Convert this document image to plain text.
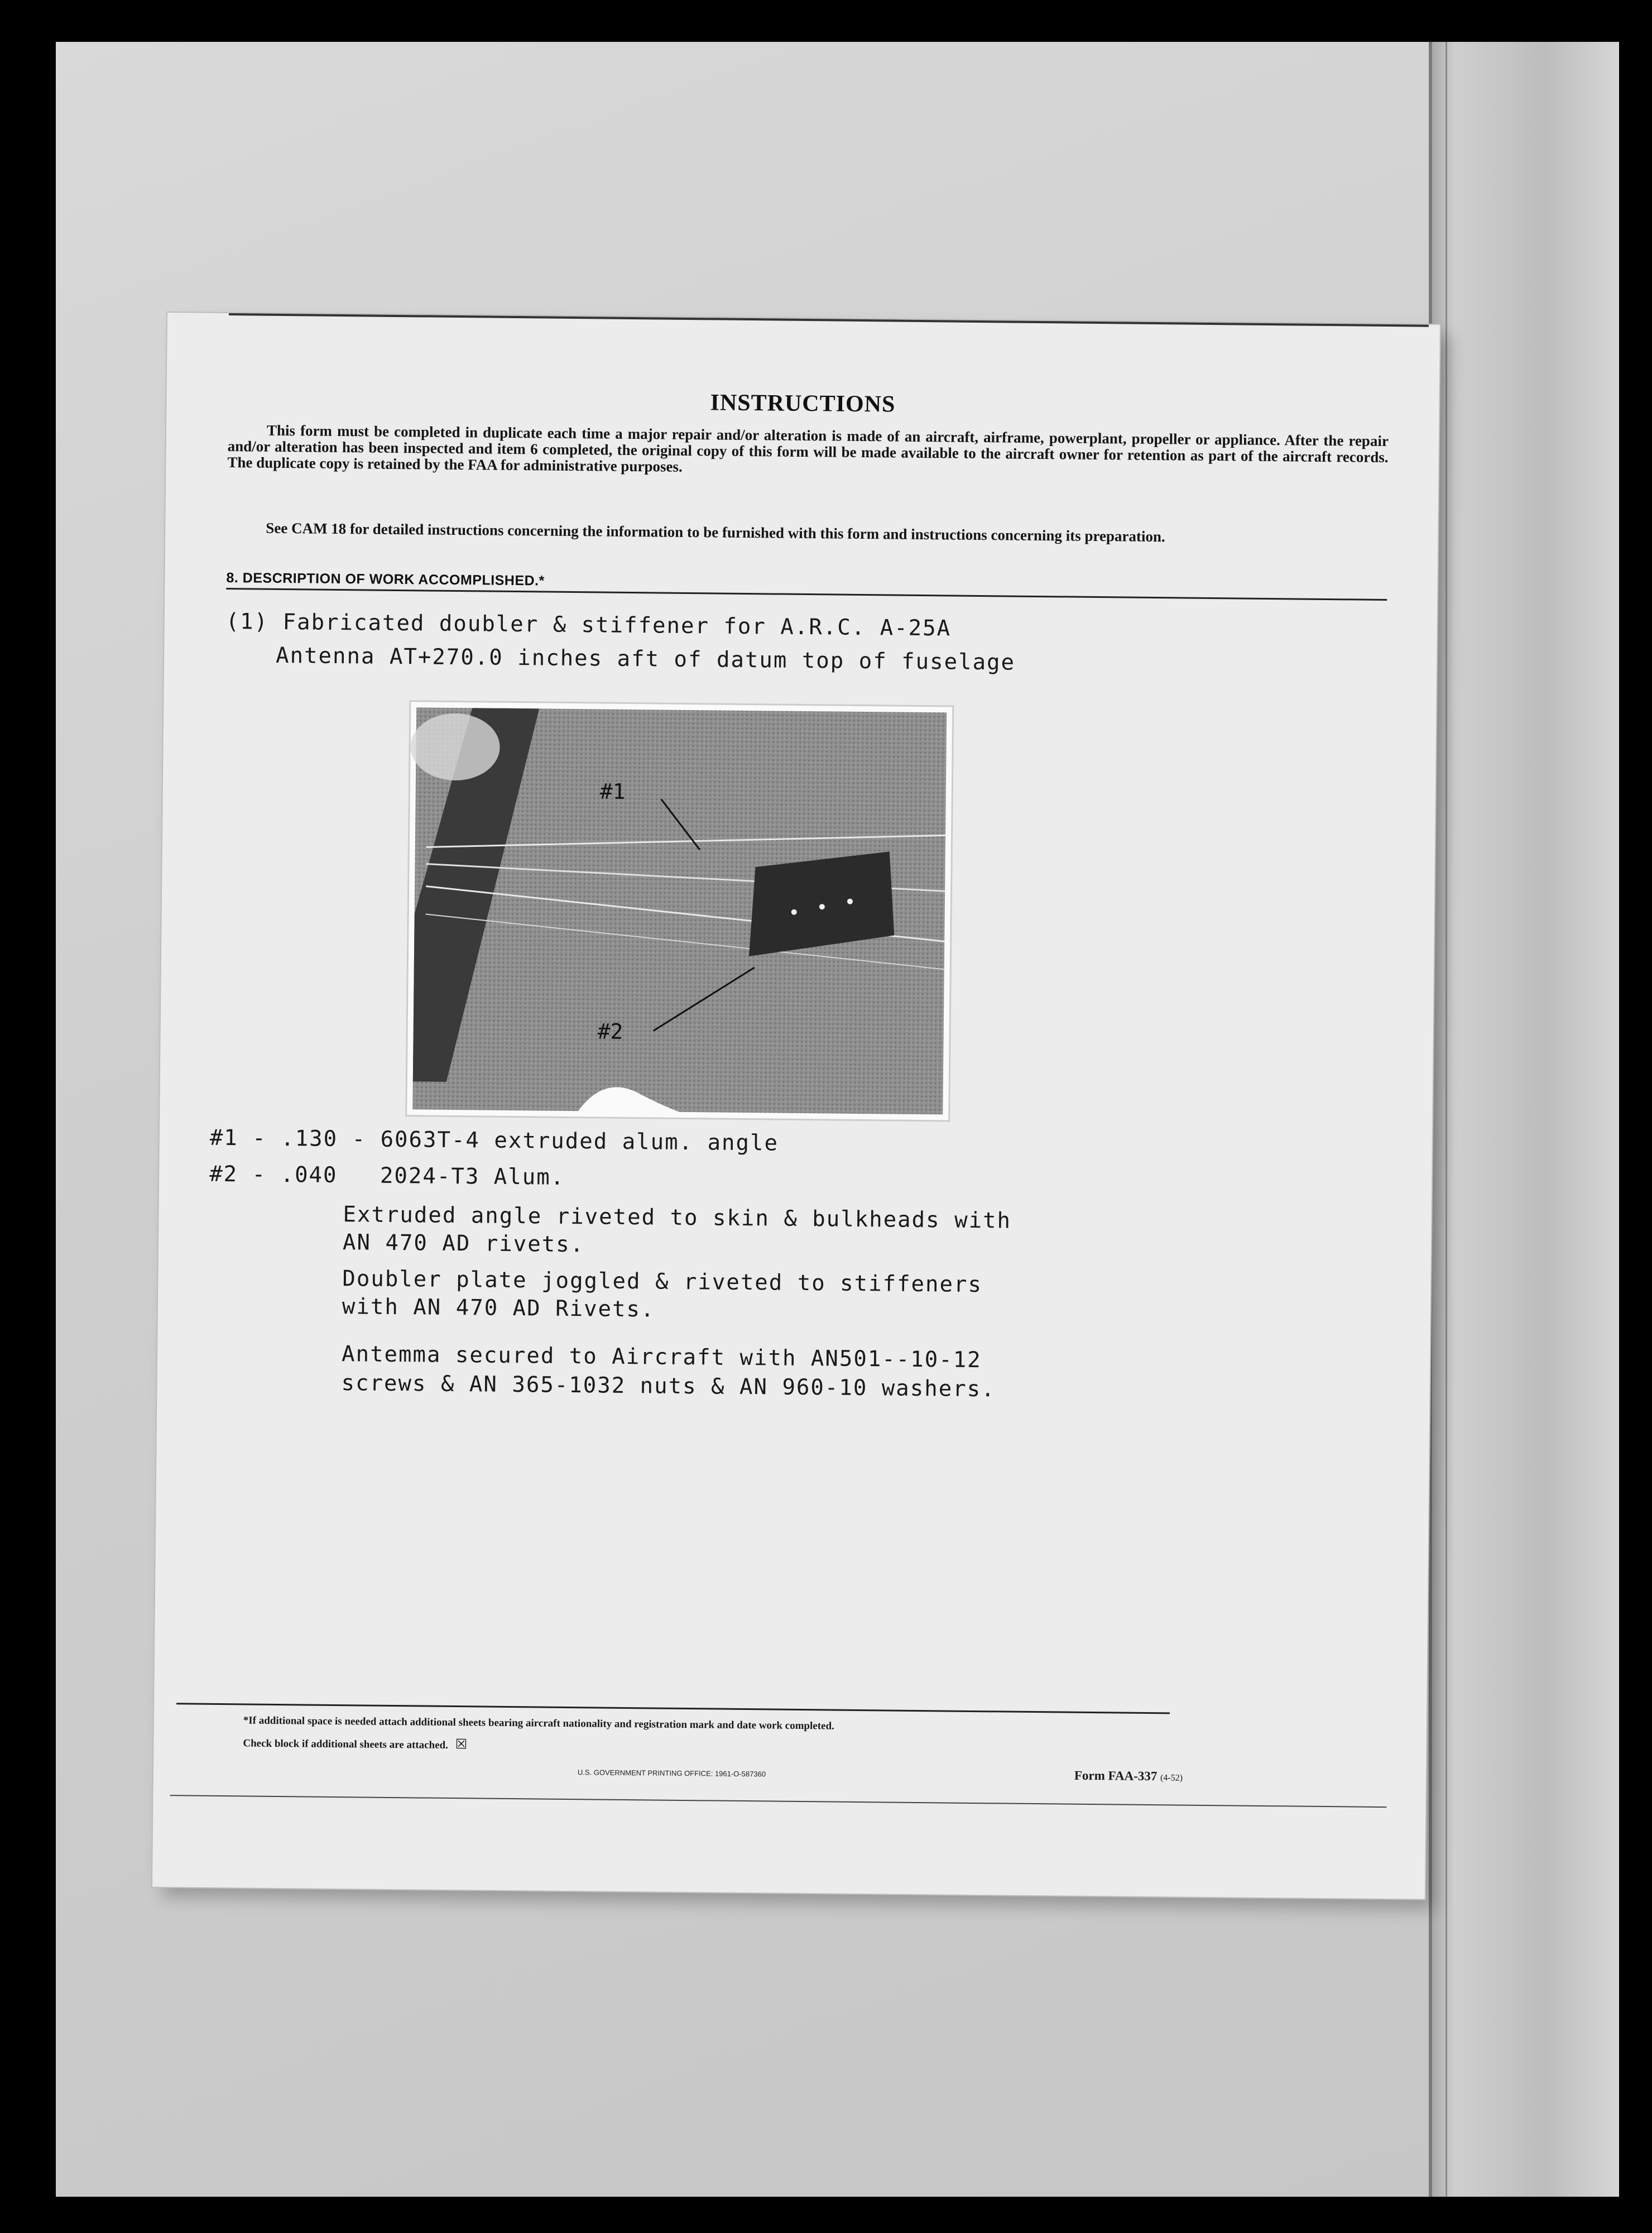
INSTRUCTIONS
This form must be completed in duplicate each time a major repair and/or alteration is made of an aircraft, airframe, powerplant, propeller or appliance. After the repair and/or alteration has been inspected and item 6 completed, the original copy of this form will be made available to the aircraft owner for retention as part of the aircraft records. The duplicate copy is retained by the FAA for administrative purposes.
See CAM 18 for detailed instructions concerning the information to be furnished with this form and instructions concerning its preparation.
8. DESCRIPTION OF WORK ACCOMPLISHED.*
(1) Fabricated doubler & stiffener for A.R.C. A-25A
Antenna AT+270.0 inches aft of datum top of fuselage
#1
#2
#1 - .130 - 6063T-4 extruded alum. angle
#2 - .040   2024-T3 Alum.
Extruded angle riveted to skin & bulkheads with
AN 470 AD rivets.
Doubler plate joggled & riveted to stiffeners
with AN 470 AD Rivets.
Antemma secured to Aircraft with AN501--10-12
screws & AN 365-1032 nuts & AN 960-10 washers.
*If additional space is needed attach additional sheets bearing aircraft nationality and registration mark and date work completed.
Check block if additional sheets are attached. ☒
U.S. GOVERNMENT PRINTING OFFICE: 1961-O-587360	Form FAA-337 (4-52)
